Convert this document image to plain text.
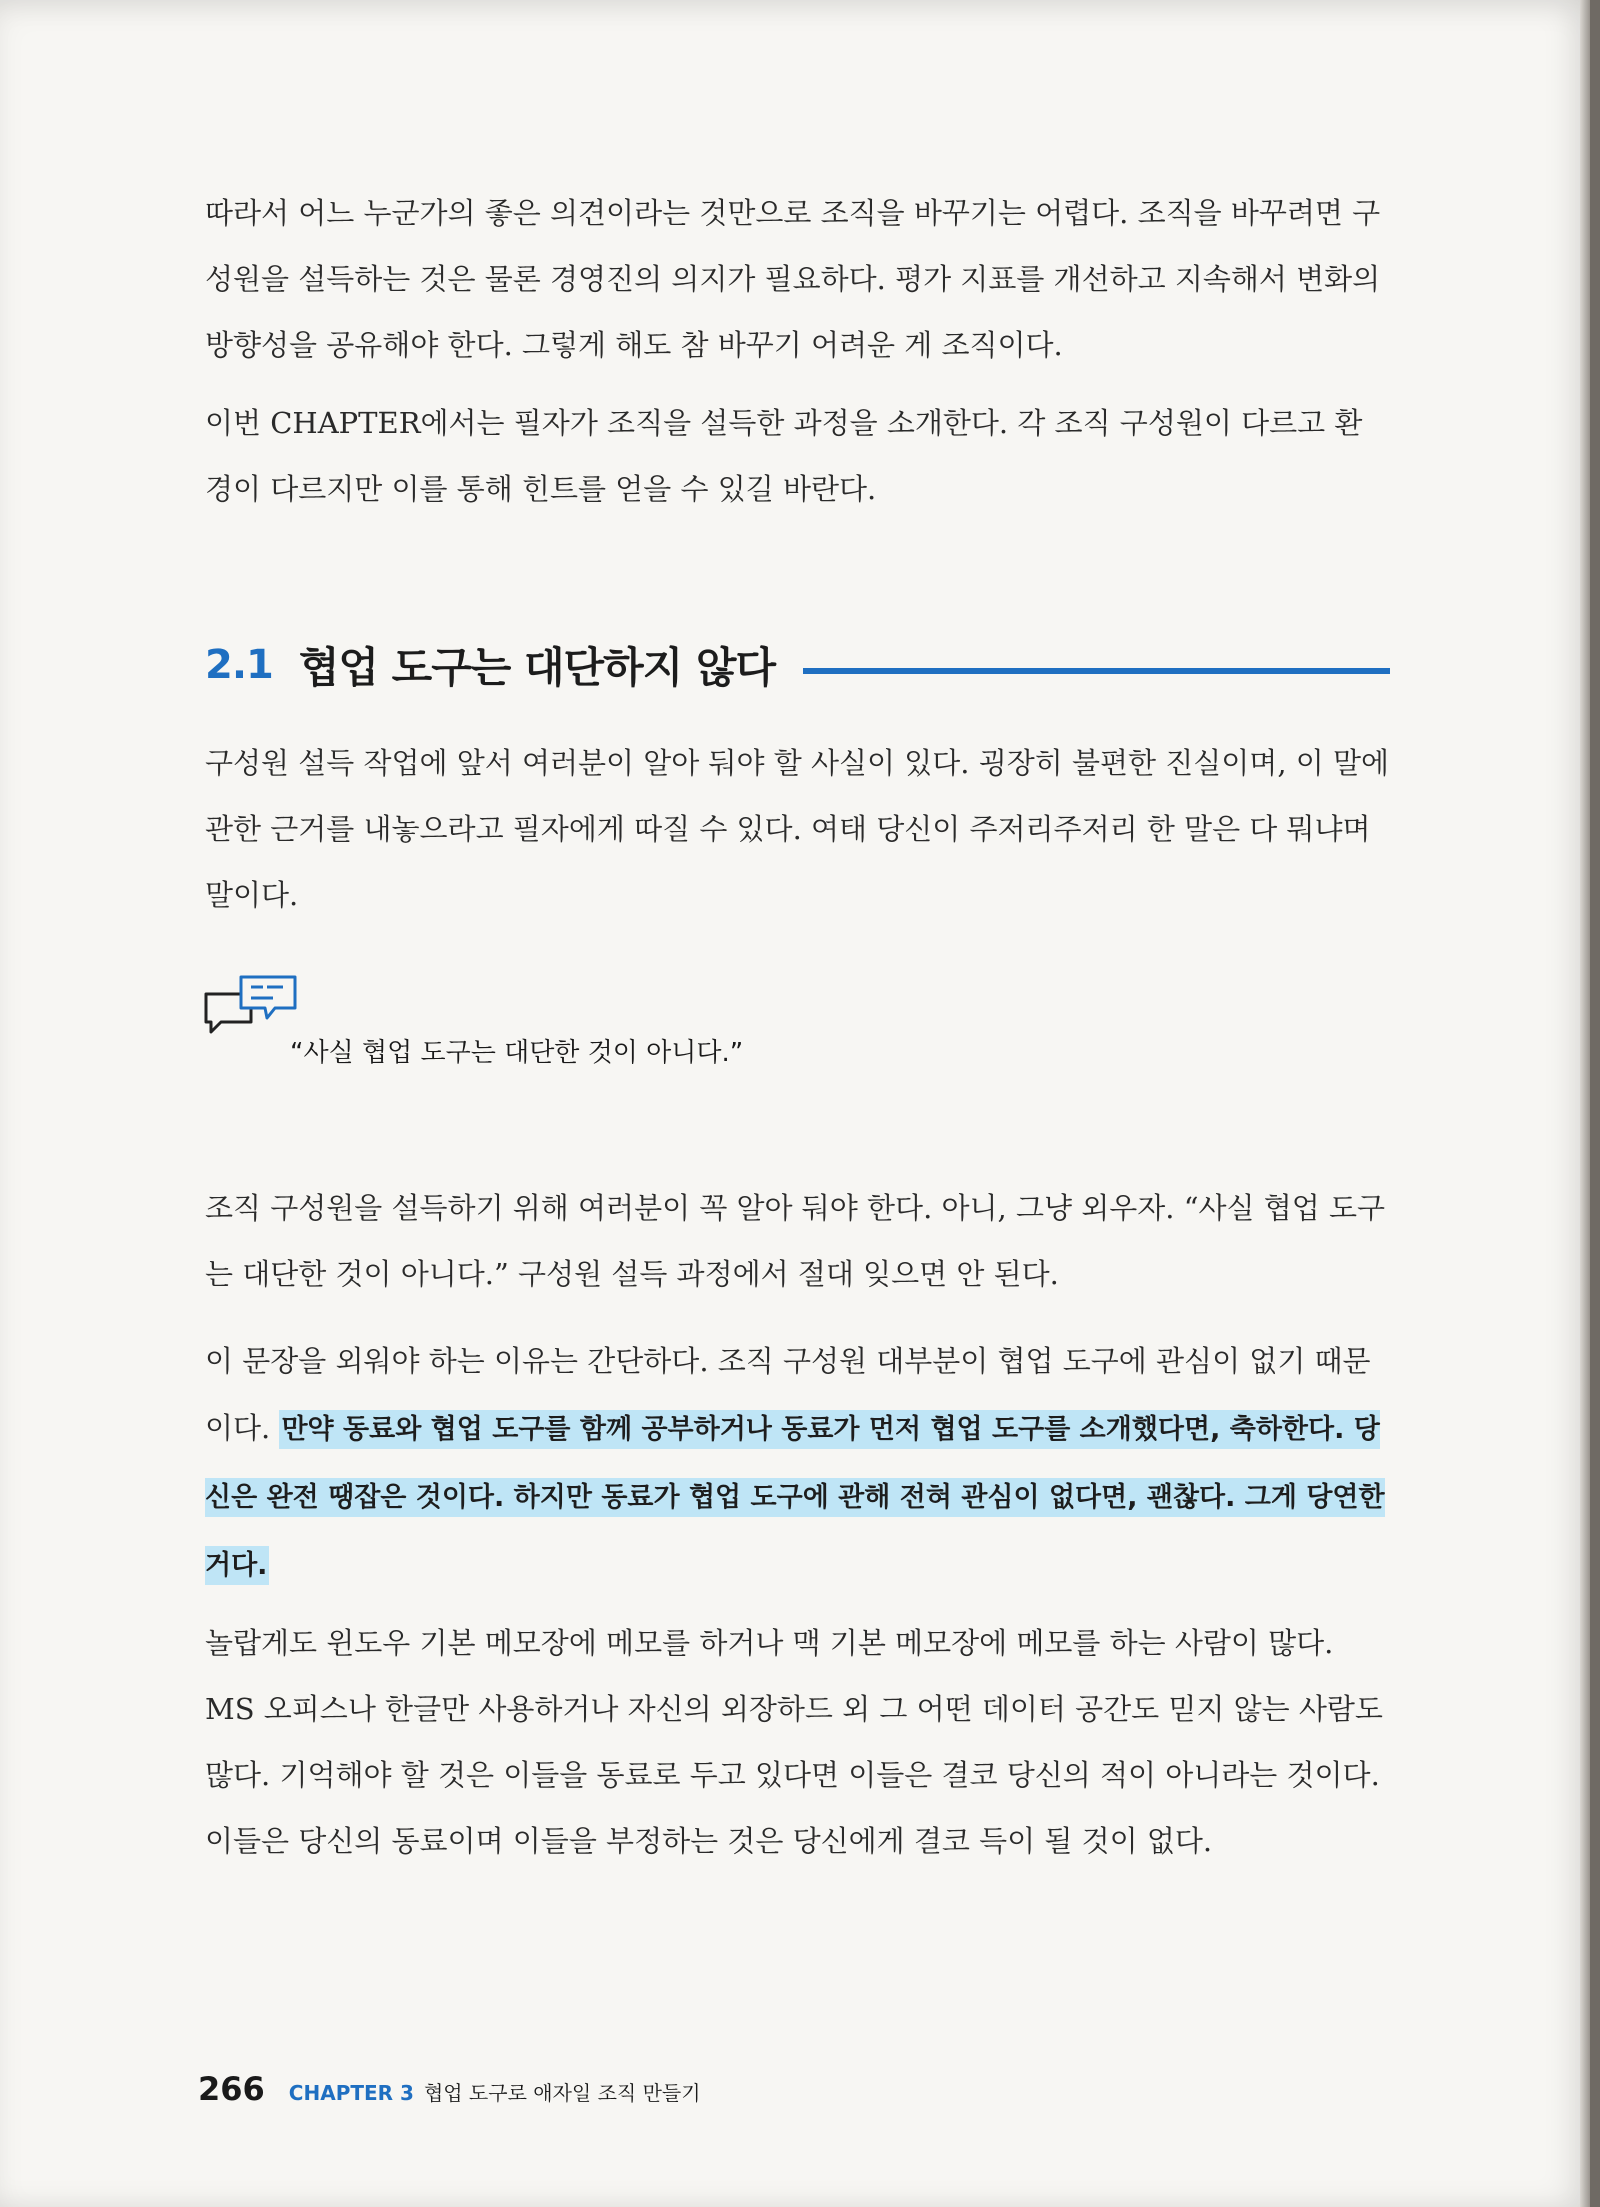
따라서 어느 누군가의 좋은 의견이라는 것만으로 조직을 바꾸기는 어렵다. 조직을 바꾸려면 구성원을 설득하는 것은 물론 경영진의 의지가 필요하다. 평가 지표를 개선하고 지속해서 변화의 방향성을 공유해야 한다. 그렇게 해도 참 바꾸기 어려운 게 조직이다.

이번 CHAPTER에서는 필자가 조직을 설득한 과정을 소개한다. 각 조직 구성원이 다르고 환경이 다르지만 이를 통해 힌트를 얻을 수 있길 바란다.

2.1 협업 도구는 대단하지 않다

구성원 설득 작업에 앞서 여러분이 알아 둬야 할 사실이 있다. 굉장히 불편한 진실이며, 이 말에 관한 근거를 내놓으라고 필자에게 따질 수 있다. 여태 당신이 주저리주저리 한 말은 다 뭐냐며 말이다.

“사실 협업 도구는 대단한 것이 아니다.”

조직 구성원을 설득하기 위해 여러분이 꼭 알아 둬야 한다. 아니, 그냥 외우자. “사실 협업 도구는 대단한 것이 아니다.” 구성원 설득 과정에서 절대 잊으면 안 된다.

이 문장을 외워야 하는 이유는 간단하다. 조직 구성원 대부분이 협업 도구에 관심이 없기 때문이다. 만약 동료와 협업 도구를 함께 공부하거나 동료가 먼저 협업 도구를 소개했다면, 축하한다. 당신은 완전 땡잡은 것이다. 하지만 동료가 협업 도구에 관해 전혀 관심이 없다면, 괜찮다. 그게 당연한 거다.

놀랍게도 윈도우 기본 메모장에 메모를 하거나 맥 기본 메모장에 메모를 하는 사람이 많다. MS 오피스나 한글만 사용하거나 자신의 외장하드 외 그 어떤 데이터 공간도 믿지 않는 사람도 많다. 기억해야 할 것은 이들을 동료로 두고 있다면 이들은 결코 당신의 적이 아니라는 것이다. 이들은 당신의 동료이며 이들을 부정하는 것은 당신에게 결코 득이 될 것이 없다.

266 CHAPTER 3 협업 도구로 애자일 조직 만들기
